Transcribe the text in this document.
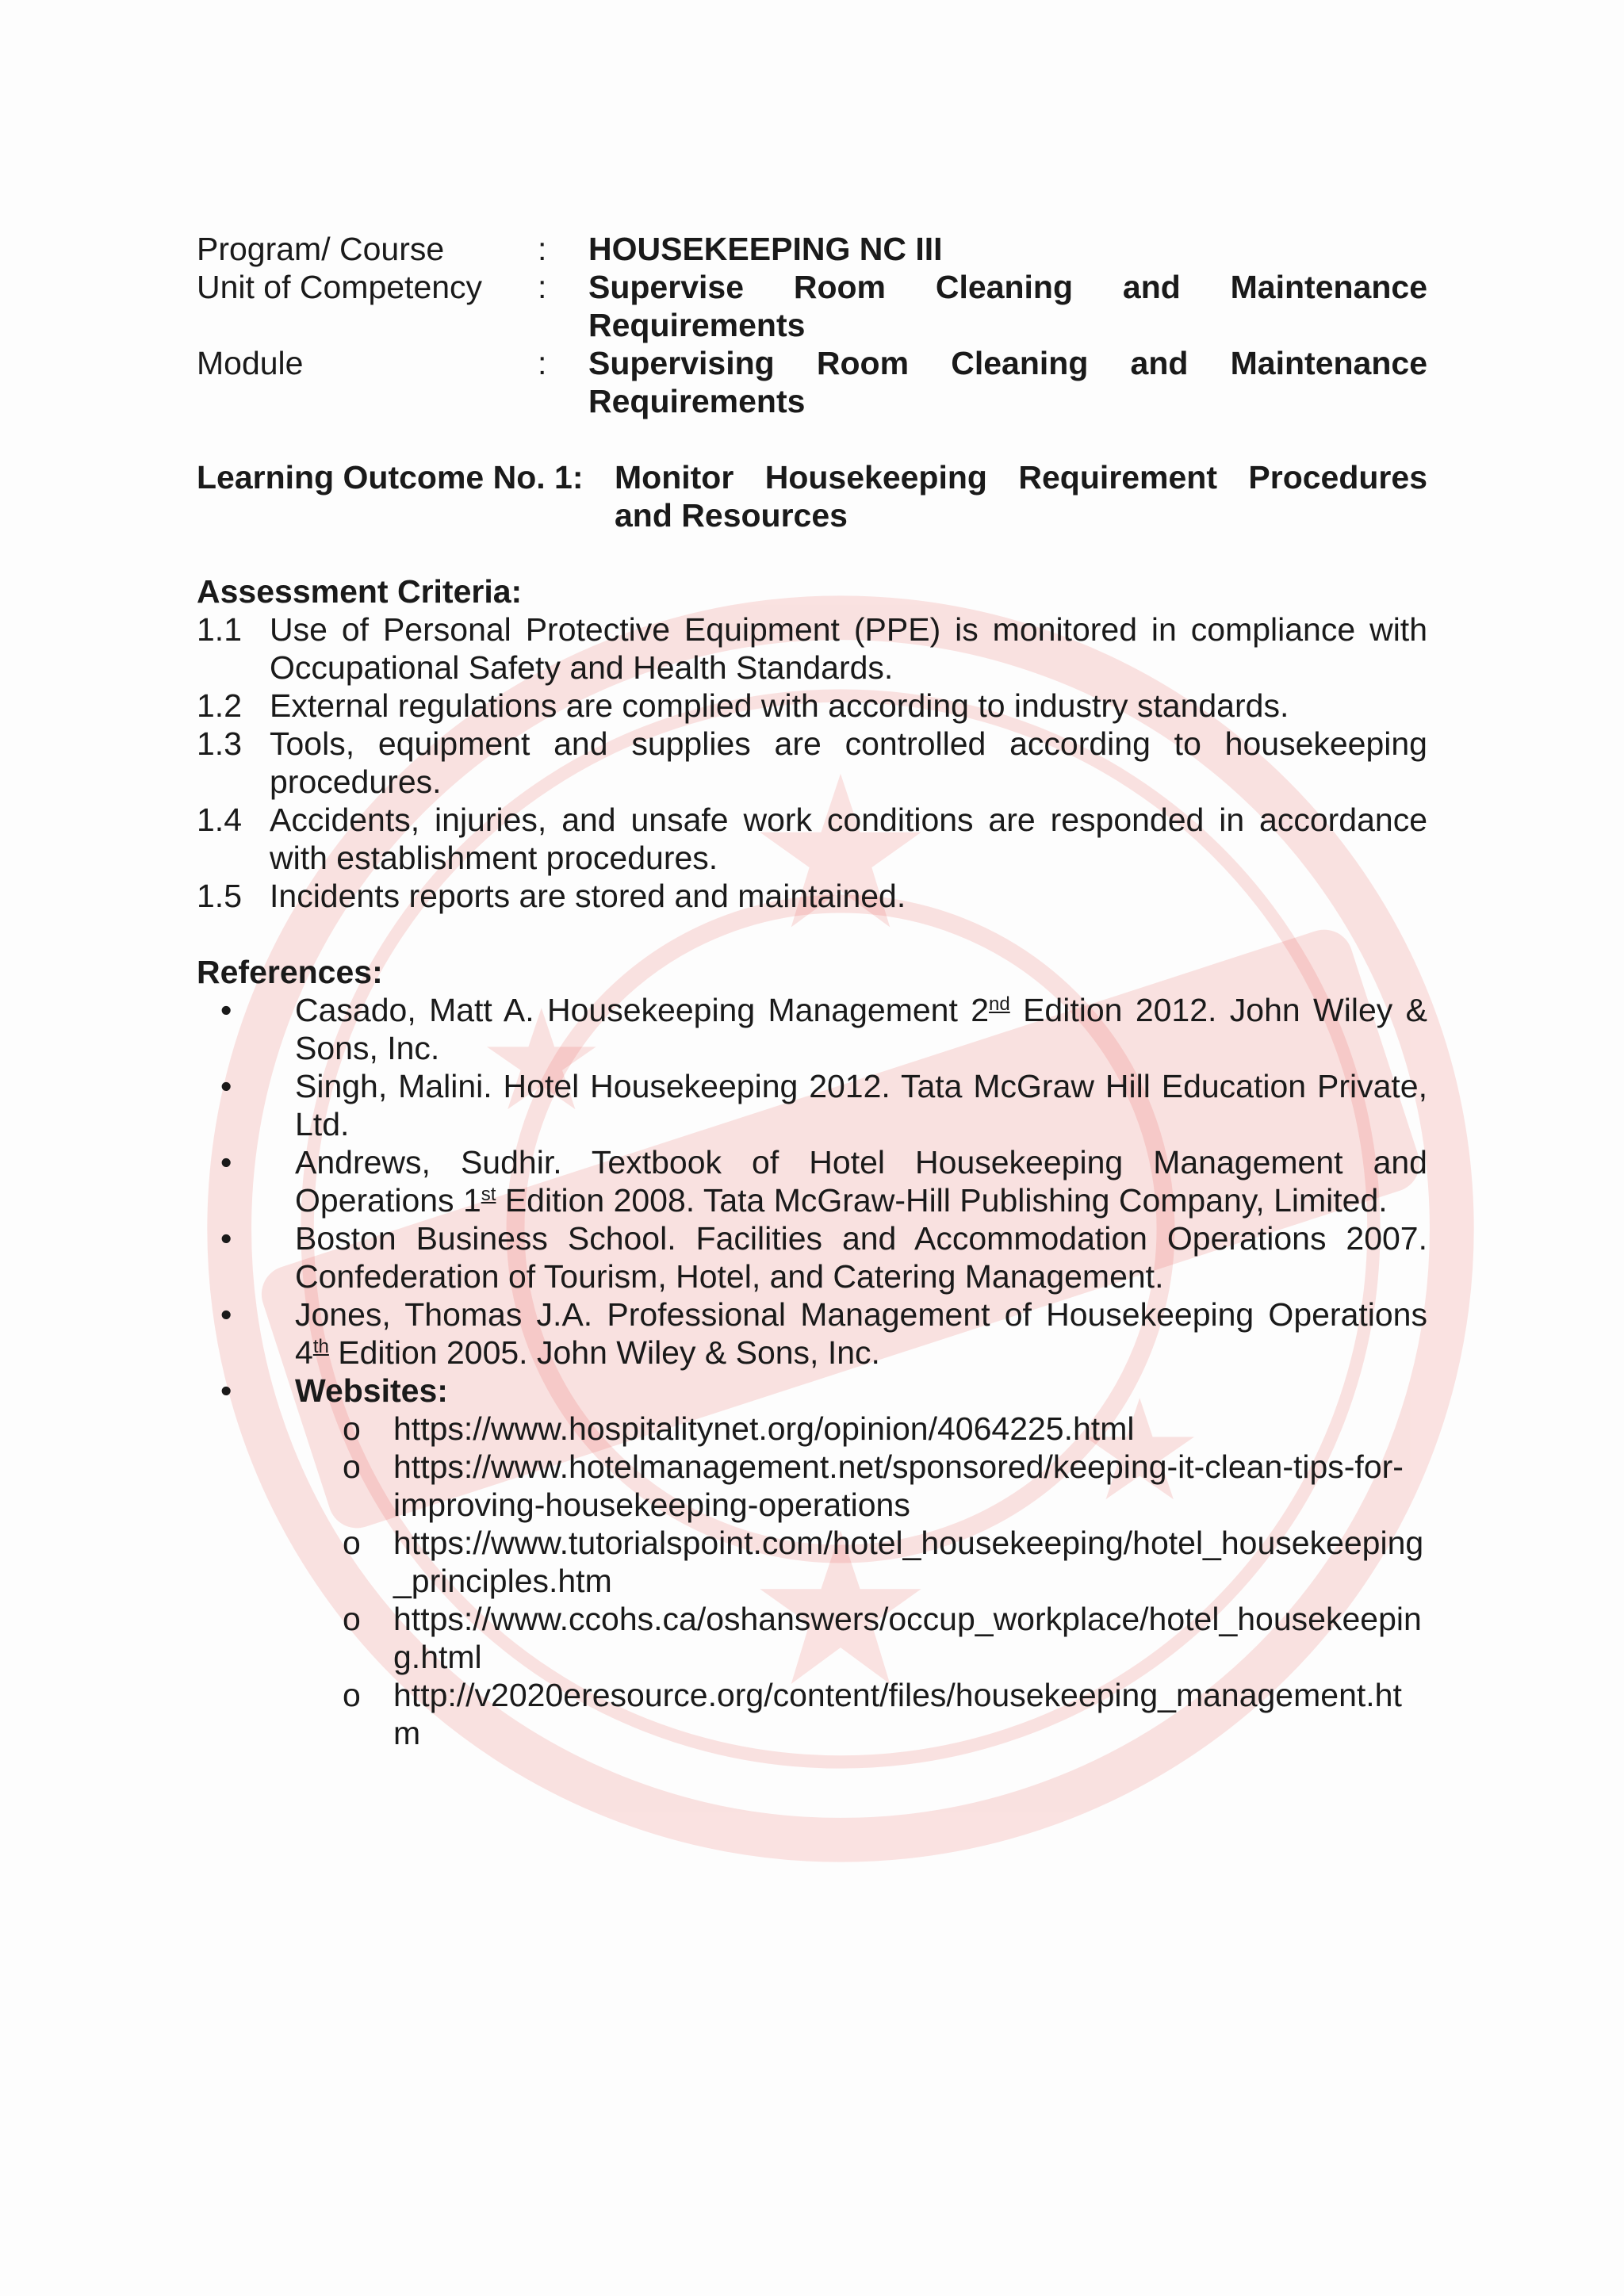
Program/ Course	:	HOUSEKEEPING NC III
Unit of Competency	:	Supervise Room Cleaning and Maintenance
Requirements
Module	:	Supervising Room Cleaning and Maintenance
Requirements
Learning Outcome No. 1: Monitor Housekeeping Requirement Procedures
and Resources
Assessment Criteria:
1.1 Use of Personal Protective Equipment (PPE) is monitored in compliance with Occupational Safety and Health Standards.
1.2 External regulations are complied with according to industry standards.
1.3 Tools, equipment and supplies are controlled according to housekeeping procedures.
1.4 Accidents, injuries, and unsafe work conditions are responded in accordance with establishment procedures.
1.5 Incidents reports are stored and maintained.
References:
•	Casado, Matt A. Housekeeping Management 2nd Edition 2012. John Wiley & Sons, Inc.
•	Singh, Malini. Hotel Housekeeping 2012. Tata McGraw Hill Education Private, Ltd.
•	Andrews, Sudhir. Textbook of Hotel Housekeeping Management and Operations 1st Edition 2008. Tata McGraw-Hill Publishing Company, Limited.
•	Boston Business School. Facilities and Accommodation Operations 2007. Confederation of Tourism, Hotel, and Catering Management.
•	Jones, Thomas J.A. Professional Management of Housekeeping Operations 4th Edition 2005. John Wiley & Sons, Inc.
•	Websites:
o	https://www.hospitalitynet.org/opinion/4064225.html
o	https://www.hotelmanagement.net/sponsored/keeping-it-clean-tips-for-improving-housekeeping-operations
o	https://www.tutorialspoint.com/hotel_housekeeping/hotel_housekeeping_principles.htm
o	https://www.ccohs.ca/oshanswers/occup_workplace/hotel_housekeeping.html
o	http://v2020eresource.org/content/files/housekeeping_management.htm
